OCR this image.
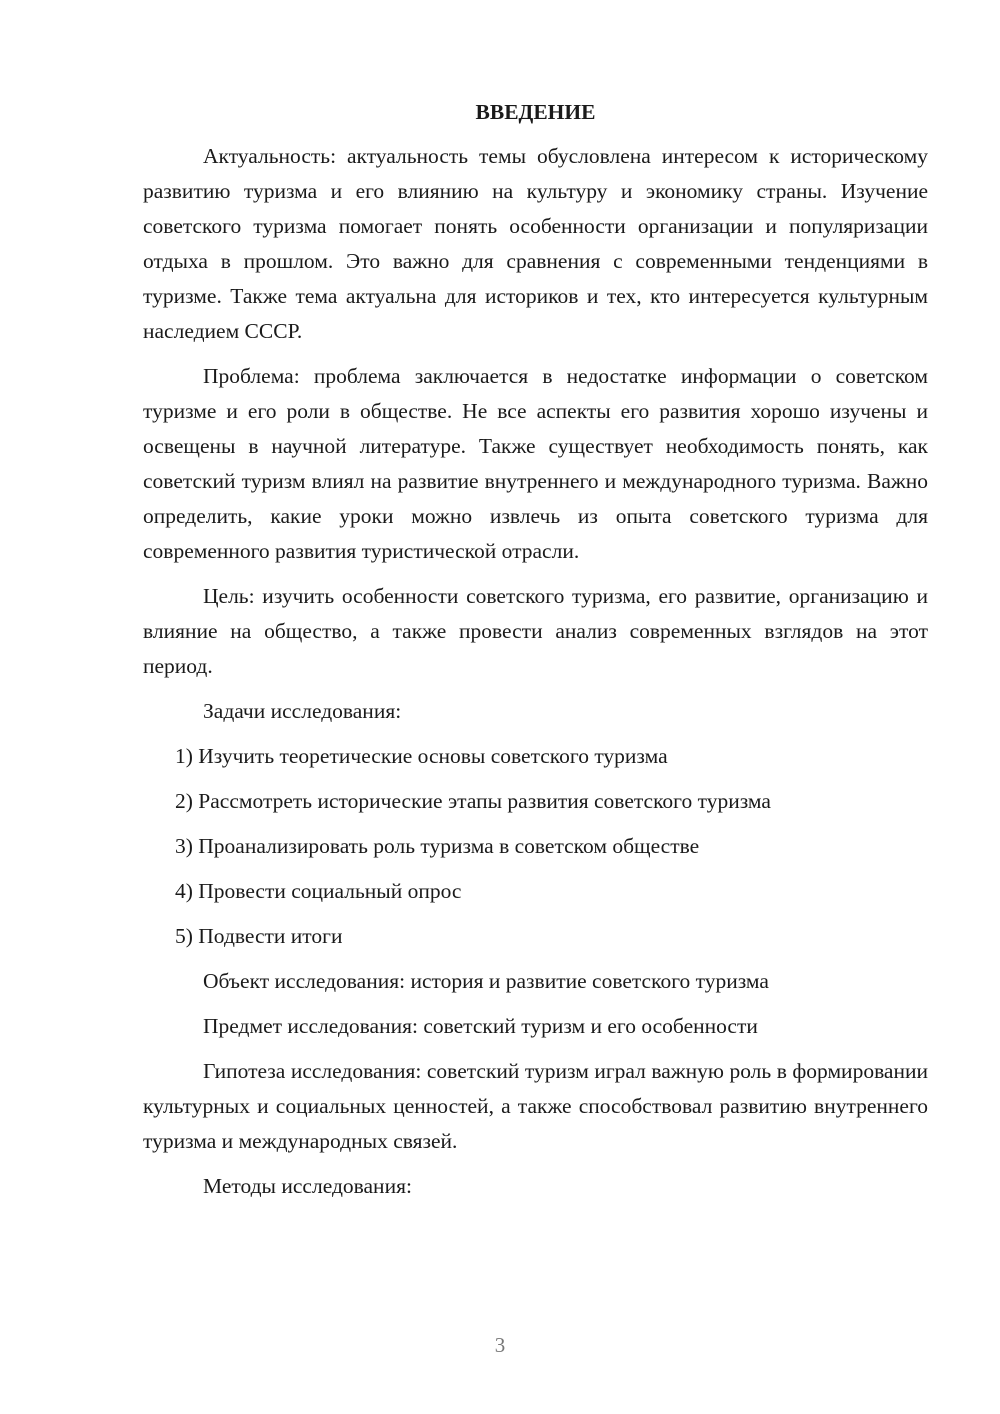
ВВЕДЕНИЕ

Актуальность: актуальность темы обусловлена интересом к историческому развитию туризма и его влиянию на культуру и экономику страны. Изучение советского туризма помогает понять особенности организации и популяризации отдыха в прошлом. Это важно для сравнения с современными тенденциями в туризме. Также тема актуальна для историков и тех, кто интересуется культурным наследием СССР.

Проблема: проблема заключается в недостатке информации о советском туризме и его роли в обществе. Не все аспекты его развития хорошо изучены и освещены в научной литературе. Также существует необходимость понять, как советский туризм влиял на развитие внутреннего и международного туризма. Важно определить, какие уроки можно извлечь из опыта советского туризма для современного развития туристической отрасли.

Цель: изучить особенности советского туризма, его развитие, организацию и влияние на общество, а также провести анализ современных взглядов на этот период.

Задачи исследования:
1) Изучить теоретические основы советского туризма
2) Рассмотреть исторические этапы развития советского туризма
3) Проанализировать роль туризма в советском обществе
4) Провести социальный опрос
5) Подвести итоги
Объект исследования: история и развитие советского туризма
Предмет исследования: советский туризм и его особенности

Гипотеза исследования: советский туризм играл важную роль в формировании культурных и социальных ценностей, а также способствовал развитию внутреннего туризма и международных связей.

Методы исследования:
3
